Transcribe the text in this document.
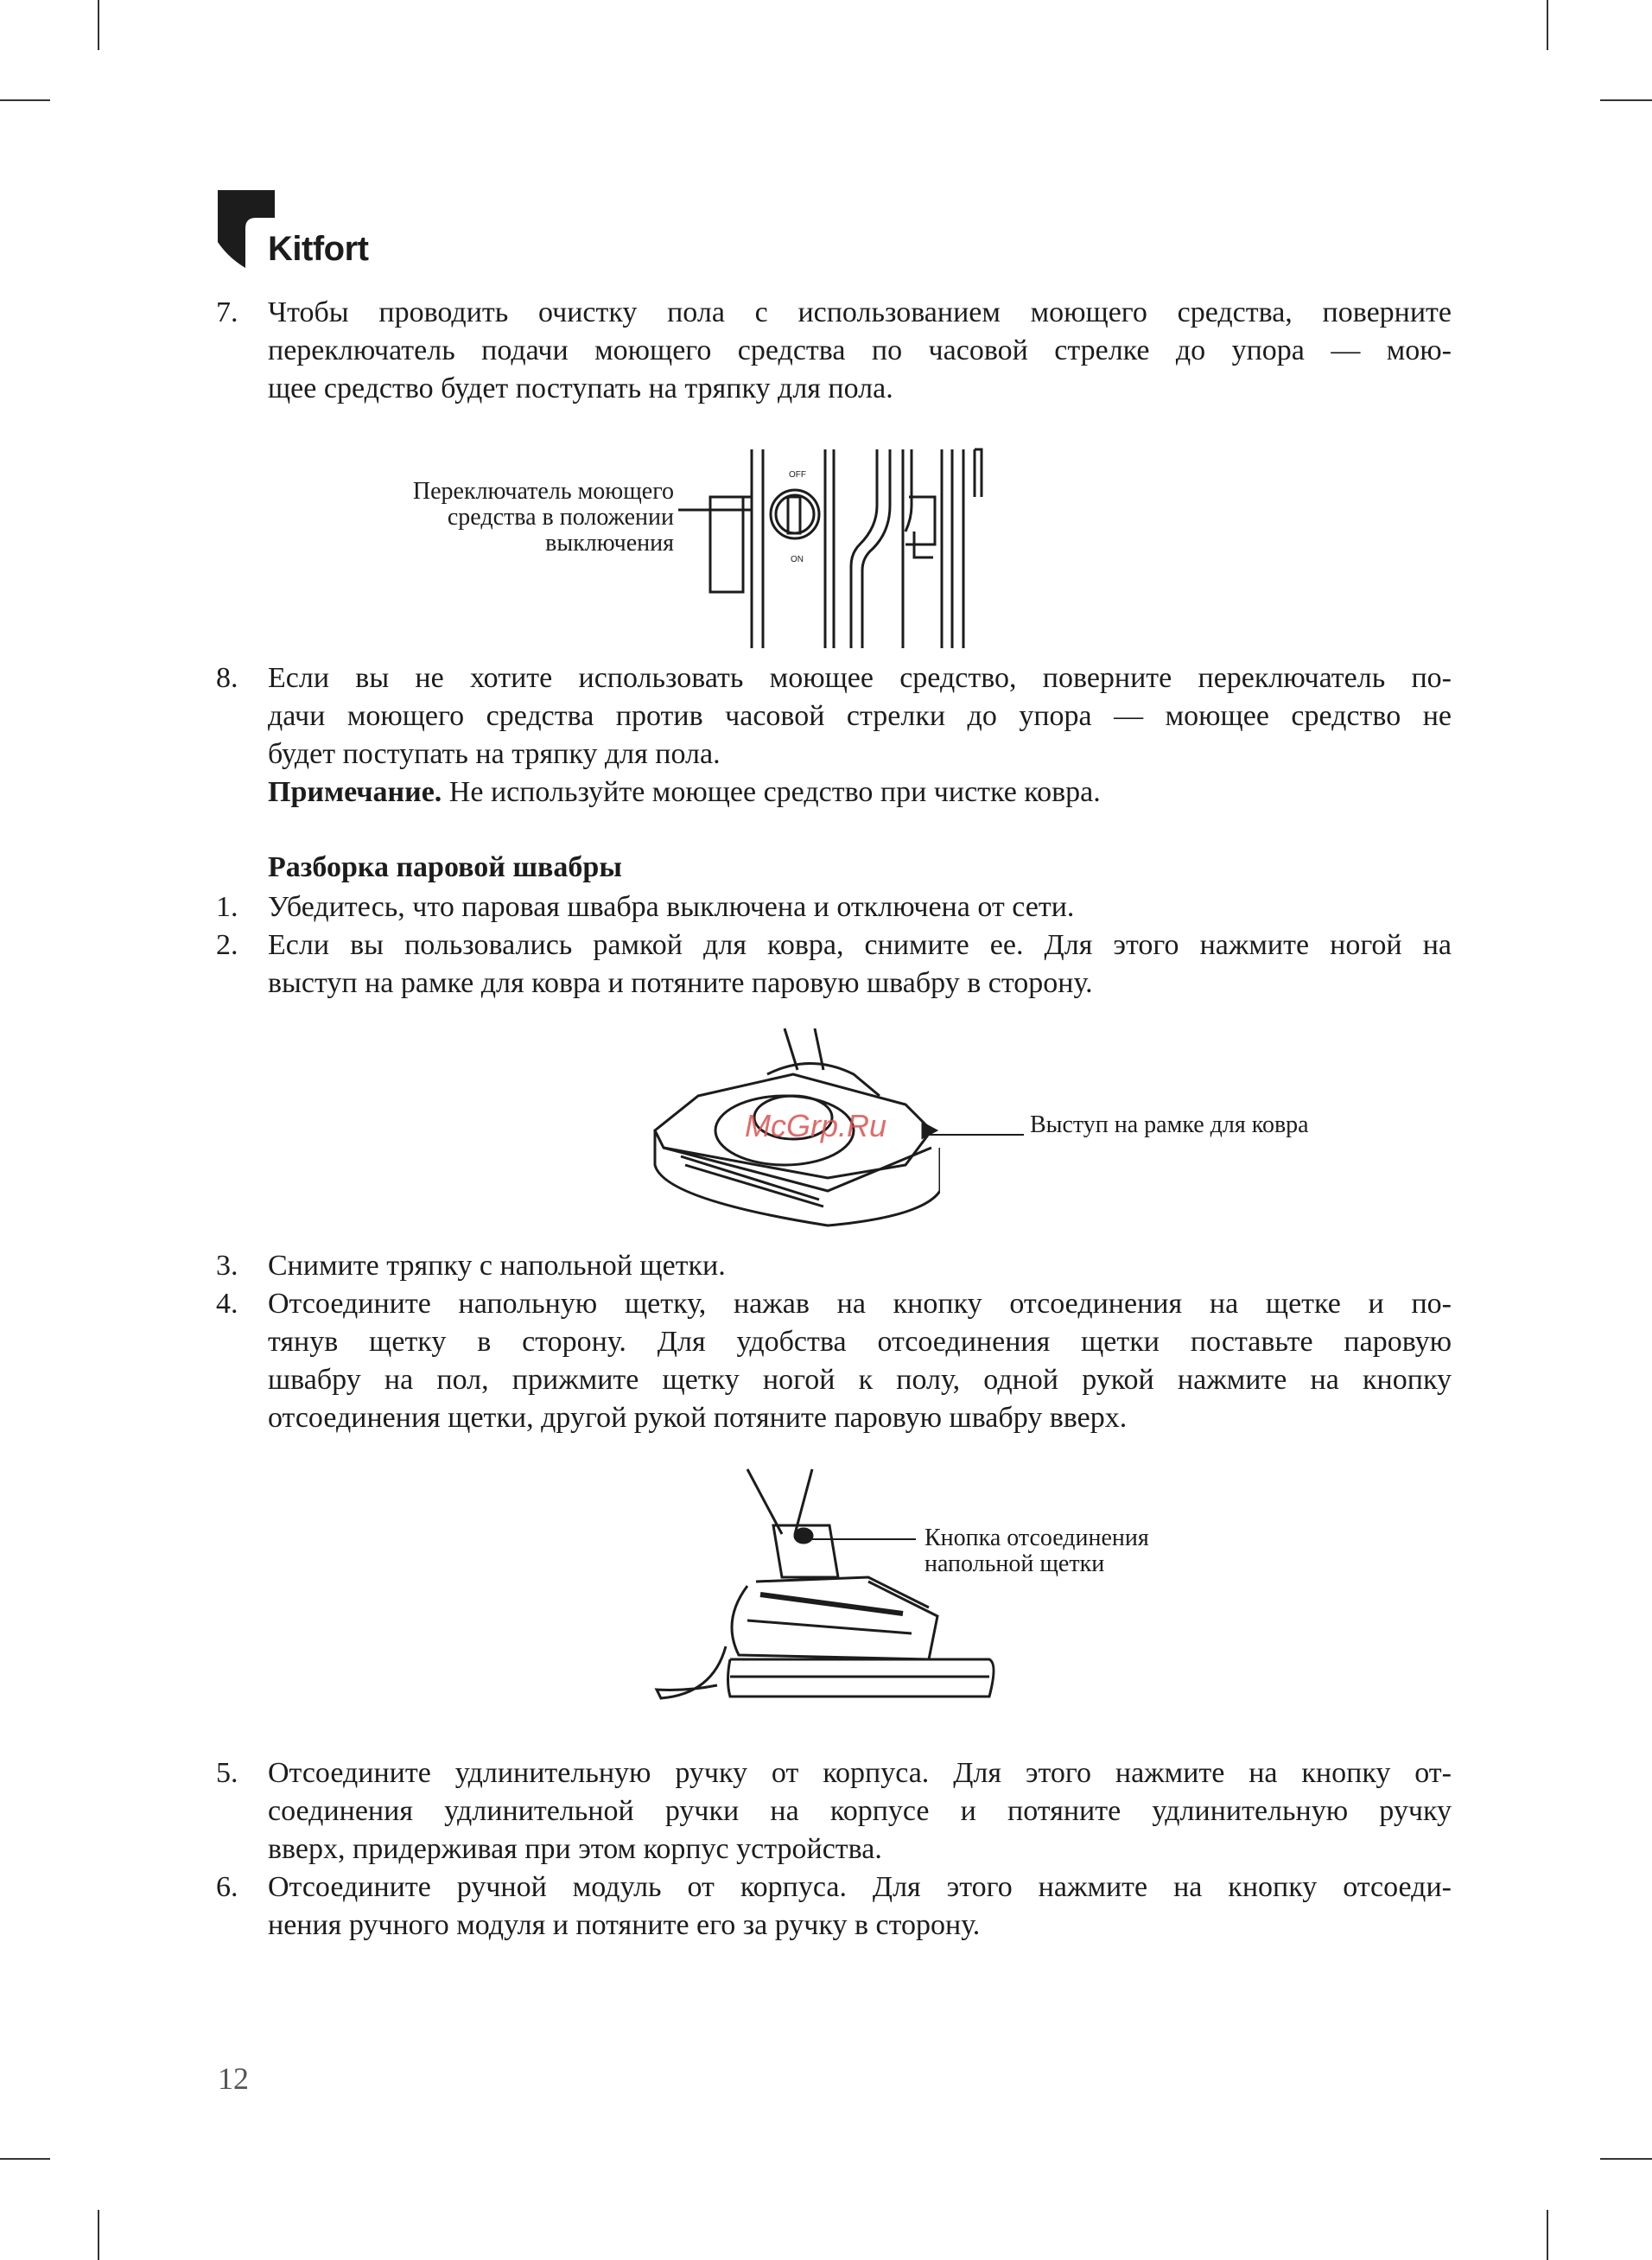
Kitfort
7.	Чтобы проводить очистку пола с использованием моющего средства, поверните
переключатель подачи моющего средства по часовой стрелке до упора — мою-
щее средство будет поступать на тряпку для пола.
Переключатель моющего
средства в положении
выключения
OFF
ON
8.	Если вы не хотите использовать моющее средство, поверните переключатель по-
дачи моющего средства против часовой стрелки до упора — моющее средство не
будет поступать на тряпку для пола.
Примечание. Не используйте моющее средство при чистке ковра.
Разборка паровой швабры
1.	Убедитесь, что паровая швабра выключена и отключена от сети.
2.	Если вы пользовались рамкой для ковра, снимите ее. Для этого нажмите ногой на
выступ на рамке для ковра и потяните паровую швабру в сторону.
McGrp.Ru	Выступ на рамке для ковра
3.	Снимите тряпку с напольной щетки.
4.	Отсоедините напольную щетку, нажав на кнопку отсоединения на щетке и по-
тянув щетку в сторону. Для удобства отсоединения щетки поставьте паровую
швабру на пол, прижмите щетку ногой к полу, одной рукой нажмите на кнопку
отсоединения щетки, другой рукой потяните паровую швабру вверх.
Кнопка отсоединения
напольной щетки
5.	Отсоедините удлинительную ручку от корпуса. Для этого нажмите на кнопку от-
соединения удлинительной ручки на корпусе и потяните удлинительную ручку
вверх, придерживая при этом корпус устройства.
6.	Отсоедините ручной модуль от корпуса. Для этого нажмите на кнопку отсоеди-
нения ручного модуля и потяните его за ручку в сторону.
12
